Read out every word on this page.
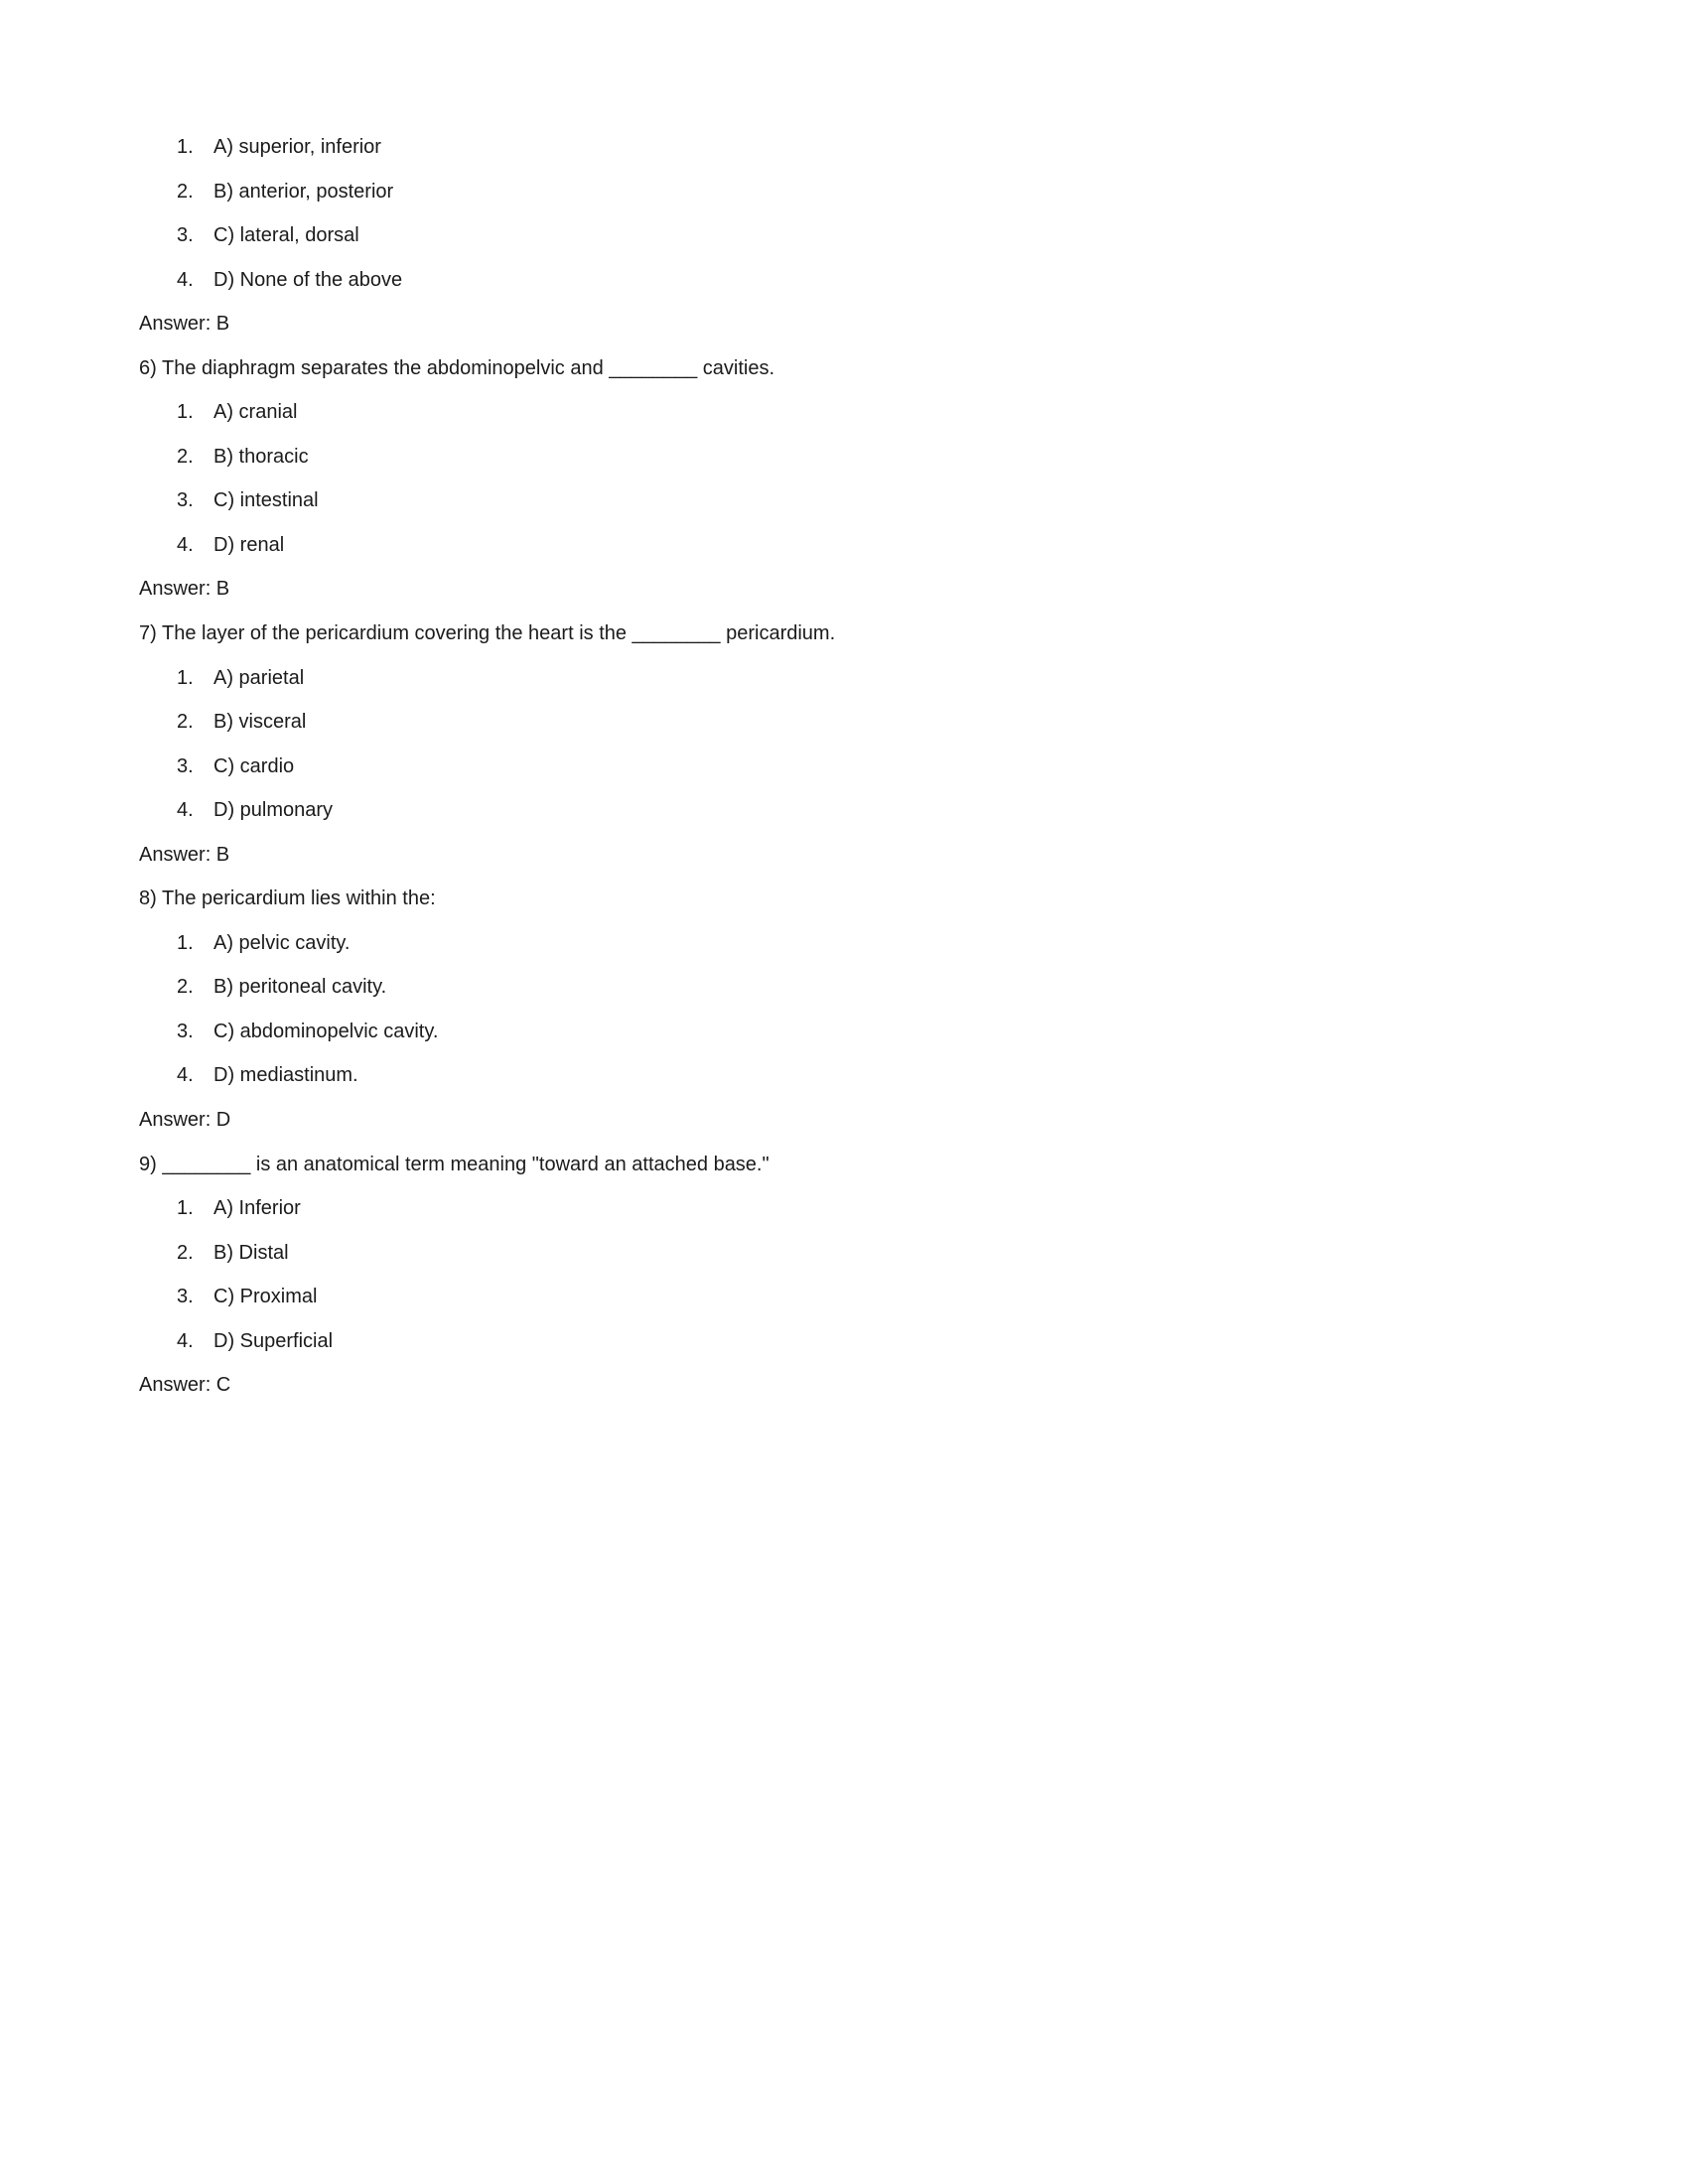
1. A) superior, inferior
2. B) anterior, posterior
3. C) lateral, dorsal
4. D) None of the above
Answer: B
6) The diaphragm separates the abdominopelvic and ________ cavities.
1. A) cranial
2. B) thoracic
3. C) intestinal
4. D) renal
Answer: B
7) The layer of the pericardium covering the heart is the ________ pericardium.
1. A) parietal
2. B) visceral
3. C) cardio
4. D) pulmonary
Answer: B
8) The pericardium lies within the:
1. A) pelvic cavity.
2. B) peritoneal cavity.
3. C) abdominopelvic cavity.
4. D) mediastinum.
Answer: D
9) ________ is an anatomical term meaning "toward an attached base."
1. A) Inferior
2. B) Distal
3. C) Proximal
4. D) Superficial
Answer: C
